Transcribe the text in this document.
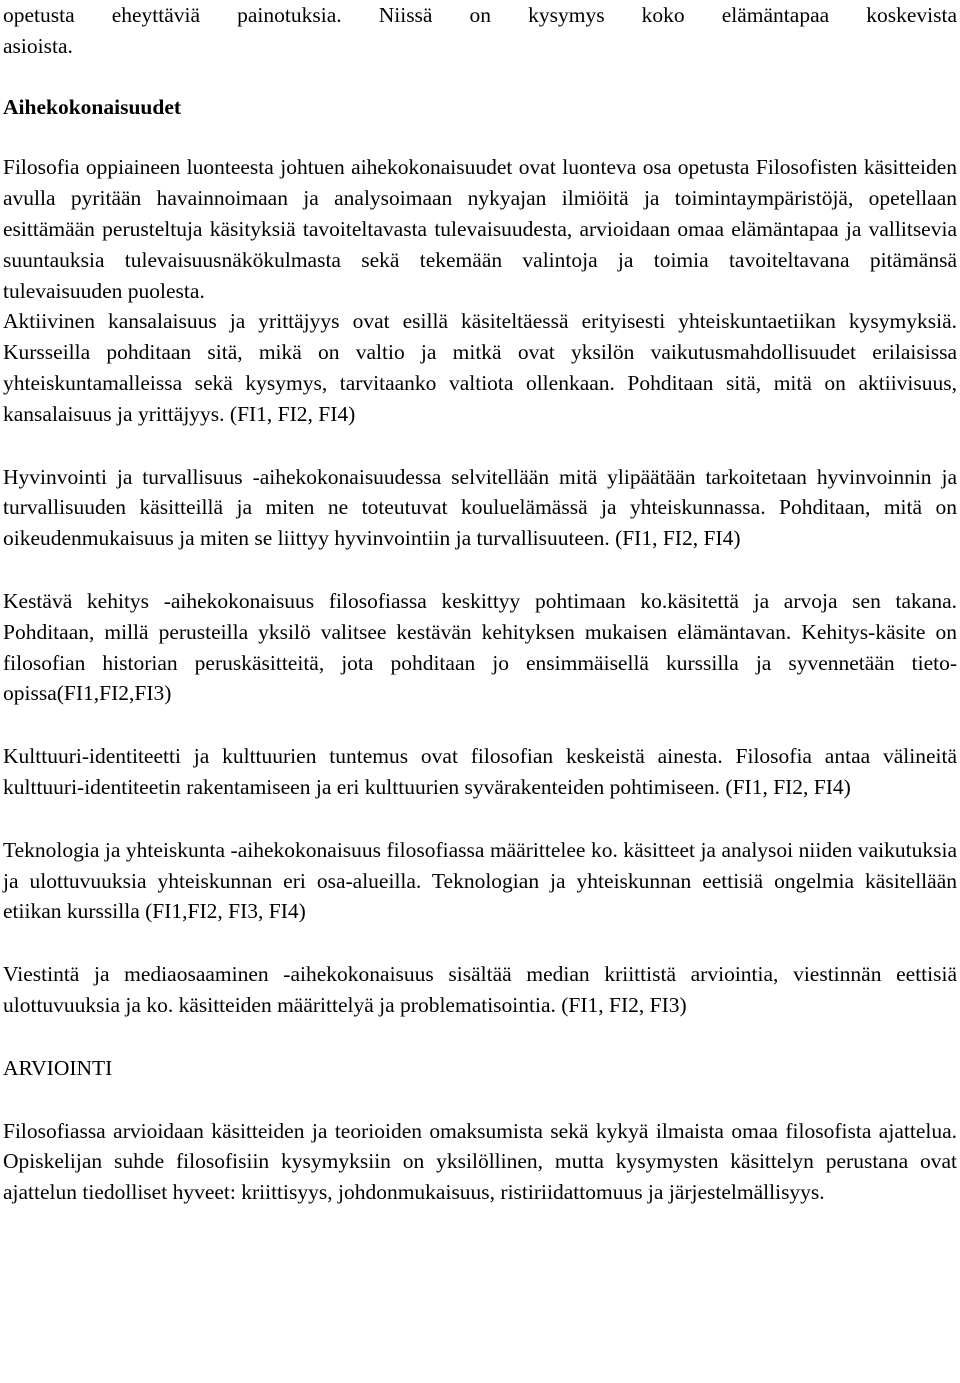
opetusta eheyttäviä painotuksia. Niissä on kysymys koko elämäntapaa koskevista

asioista.

Aihekokonaisuudet

Filosofia oppiaineen luonteesta johtuen aihekokonaisuudet ovat luonteva osa opetusta Filosofisten käsitteiden avulla pyritään havainnoimaan ja analysoimaan nykyajan ilmiöitä ja toimintaympäristöjä, opetellaan esittämään perusteltuja käsityksiä tavoiteltavasta tulevaisuudesta, arvioidaan omaa elämäntapaa ja vallitsevia suuntauksia tulevaisuusnäkökulmasta sekä tekemään valintoja ja toimia tavoiteltavana pitämänsä tulevaisuuden puolesta.

Aktiivinen kansalaisuus ja yrittäjyys ovat esillä käsiteltäessä erityisesti yhteiskuntaetiikan kysymyksiä. Kursseilla pohditaan sitä, mikä on valtio ja mitkä ovat yksilön vaikutusmahdollisuudet erilaisissa yhteiskuntamalleissa sekä kysymys, tarvitaanko valtiota ollenkaan. Pohditaan sitä, mitä on aktiivisuus, kansalaisuus ja yrittäjyys. (FI1, FI2, FI4)

Hyvinvointi ja turvallisuus -aihekokonaisuudessa selvitellään mitä ylipäätään tarkoitetaan hyvinvoinnin ja turvallisuuden käsitteillä ja miten ne toteutuvat kouluelämässä ja yhteiskunnassa. Pohditaan, mitä on oikeudenmukaisuus ja miten se liittyy hyvinvointiin ja turvallisuuteen. (FI1, FI2, FI4)

Kestävä kehitys -aihekokonaisuus filosofiassa keskittyy pohtimaan ko.käsitettä ja arvoja sen takana. Pohditaan, millä perusteilla yksilö valitsee kestävän kehityksen mukaisen elämäntavan. Kehitys-käsite on filosofian historian peruskäsitteitä, jota pohditaan jo ensimmäisellä kurssilla ja syvennetään tieto-opissa(FI1,FI2,FI3)

Kulttuuri-identiteetti ja kulttuurien tuntemus ovat filosofian keskeistä ainesta. Filosofia antaa välineitä kulttuuri-identiteetin rakentamiseen ja eri kulttuurien syvärakenteiden pohtimiseen. (FI1, FI2, FI4)

Teknologia ja yhteiskunta -aihekokonaisuus filosofiassa määrittelee ko. käsitteet ja analysoi niiden vaikutuksia ja ulottuvuuksia yhteiskunnan eri osa-alueilla. Teknologian ja yhteiskunnan eettisiä ongelmia käsitellään etiikan kurssilla (FI1,FI2, FI3, FI4)

Viestintä ja mediaosaaminen -aihekokonaisuus sisältää median kriittistä arviointia, viestinnän eettisiä ulottuvuuksia ja ko. käsitteiden määrittelyä ja problematisointia. (FI1, FI2, FI3)

ARVIOINTI

Filosofiassa arvioidaan käsitteiden ja teorioiden omaksumista sekä kykyä ilmaista omaa filosofista ajattelua. Opiskelijan suhde filosofisiin kysymyksiin on yksilöllinen, mutta kysymysten käsittelyn perustana ovat ajattelun tiedolliset hyveet: kriittisyys, johdonmukaisuus, ristiriidattomuus ja järjestelmällisyys.
